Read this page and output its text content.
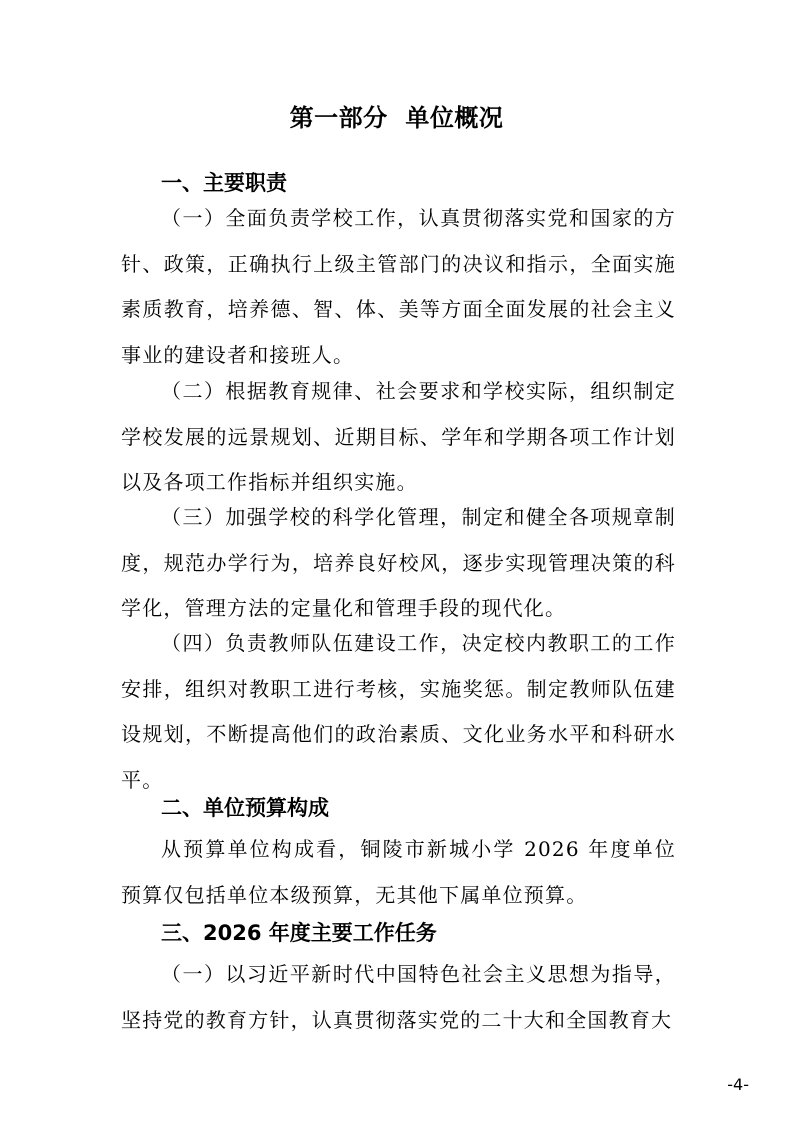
第一部分  单位概况
一、主要职责

（一）全面负责学校工作，认真贯彻落实党和国家的方针、政策，正确执行上级主管部门的决议和指示，全面实施素质教育，培养德、智、体、美等方面全面发展的社会主义事业的建设者和接班人。

（二）根据教育规律、社会要求和学校实际，组织制定学校发展的远景规划、近期目标、学年和学期各项工作计划以及各项工作指标并组织实施。

（三）加强学校的科学化管理，制定和健全各项规章制度，规范办学行为，培养良好校风，逐步实现管理决策的科学化，管理方法的定量化和管理手段的现代化。

（四）负责教师队伍建设工作，决定校内教职工的工作安排，组织对教职工进行考核，实施奖惩。制定教师队伍建设规划，不断提高他们的政治素质、文化业务水平和科研水平。

二、单位预算构成

从预算单位构成看，铜陵市新城小学 2026 年度单位预算仅包括单位本级预算，无其他下属单位预算。

三、2026 年度主要工作任务

（一）以习近平新时代中国特色社会主义思想为指导，坚持党的教育方针，认真贯彻落实党的二十大和全国教育大

-4-
